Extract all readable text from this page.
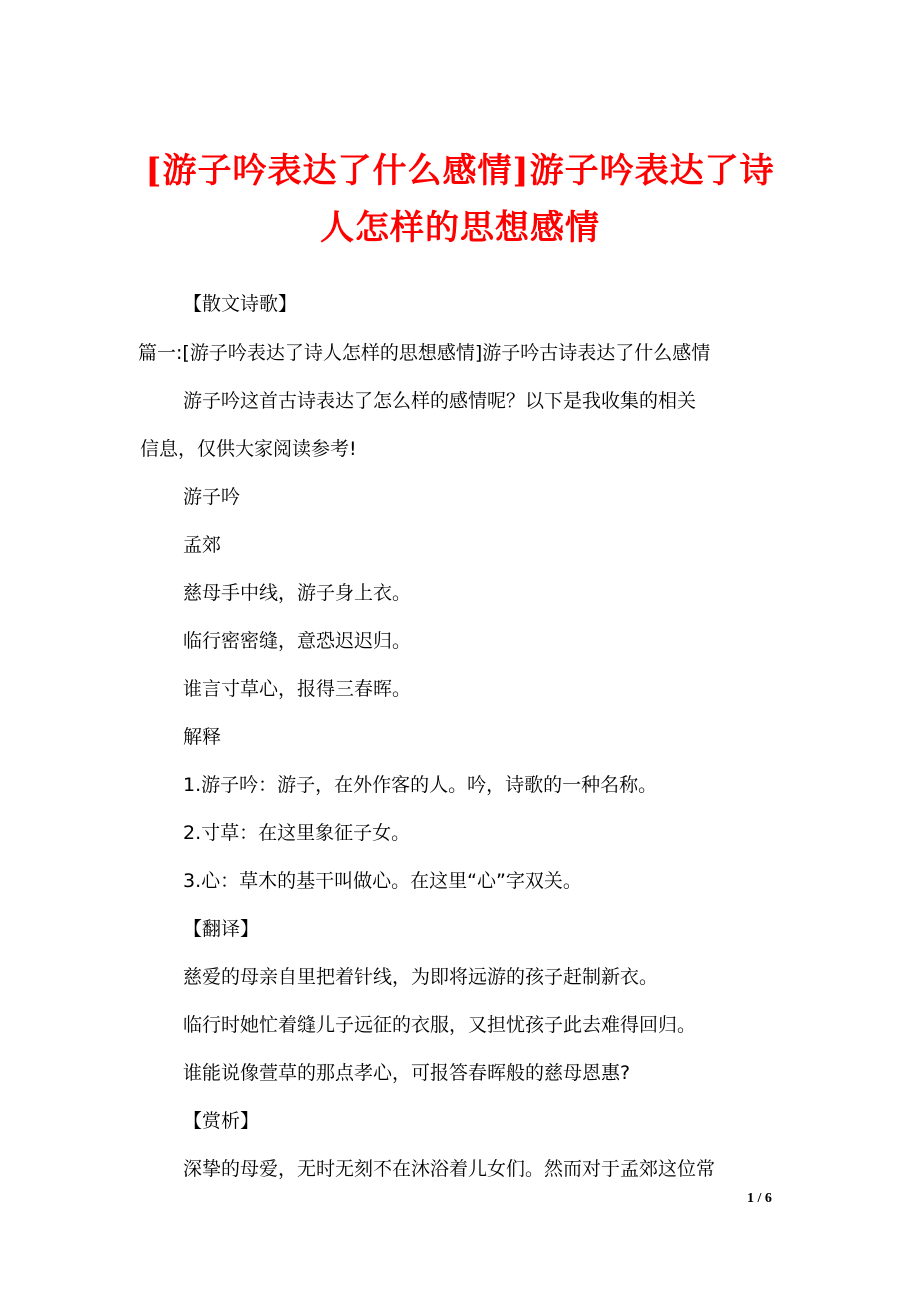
[游子吟表达了什么感情]游子吟表达了诗
人怎样的思想感情
【散文诗歌】
篇一:[游子吟表达了诗人怎样的思想感情]游子吟古诗表达了什么感情
游子吟这首古诗表达了怎么样的感情呢？以下是我收集的相关
信息，仅供大家阅读参考!
游子吟
孟郊
慈母手中线，游子身上衣。
临行密密缝，意恐迟迟归。
谁言寸草心，报得三春晖。
解释
1.游子吟：游子，在外作客的人。吟，诗歌的一种名称。
2.寸草：在这里象征子女。
3.心：草木的基干叫做心。在这里“心”字双关。
【翻译】
慈爱的母亲自里把着针线，为即将远游的孩子赶制新衣。
临行时她忙着缝儿子远征的衣服，又担忧孩子此去难得回归。
谁能说像萱草的那点孝心，可报答春晖般的慈母恩惠?
【赏析】
深挚的母爱，无时无刻不在沐浴着儿女们。然而对于孟郊这位常
1 / 6
